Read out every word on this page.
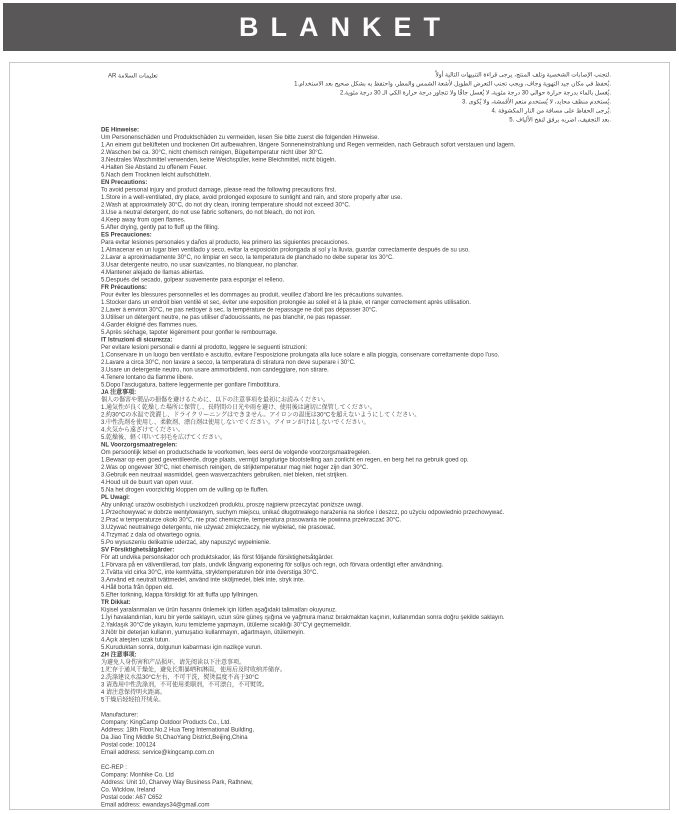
BLANKET
AR تعليمات السلامة	لتجنب الإصابات الشخصية وتلف المنتج، يرجى قراءة التنبيهات التالية أولاً.
1.يُحفظ في مكان جيد التهوية وجاف، ويجب تجنب التعرض الطويل لأشعة الشمس والمطر، واحتفظ به بشكل صحيح بعد الاستخدام.
2.يُغسل بالماء بدرجة حرارة حوالي 30 درجة مئوية، لا يُغسل جافًا ولا تتجاوز درجة حرارة الكي الـ 30 درجة مئوية.
3. يُستخدم منظف محايد، لا يُستخدم منعم الأقمشة، ولا يُكوى.
4. يُرجى الحفاظ على مسافة من النار المكشوفة.
5. بعد التجفيف، اضربه برفق لنفخ الألياف.
DE Hinweise:
Um Personenschäden und Produktschäden zu vermeiden, lesen Sie bitte zuerst die folgenden Hinweise.
1.An einem gut belüfteten und trockenen Ort aufbewahren, längere Sonneneinstrahlung und Regen vermeiden, nach Gebrauch sofort verstauen und lagern.
2.Waschen bei ca. 30°C, nicht chemisch reinigen, Bügeltemperatur nicht über 30°C.
3.Neutrales Waschmittel verwenden, keine Weichspüler, keine Bleichmittel, nicht bügeln.
4.Halten Sie Abstand zu offenem Feuer.
5.Nach dem Trocknen leicht aufschütteln.
EN Precautions:
To avoid personal injury and product damage, please read the following precautions first.
1.Store in a well-ventilated, dry place, avoid prolonged exposure to sunlight and rain, and store properly after use.
2.Wash at approximately 30°C, do not dry clean, ironing temperature should not exceed 30°C.
3.Use a neutral detergent, do not use fabric softeners, do not bleach, do not iron.
4.Keep away from open flames.
5.After drying, gently pat to fluff up the filling.
ES Precauciones:
Para evitar lesiones personales y daños al producto, lea primero las siguientes precauciones.
1.Almacenar en un lugar bien ventilado y seco, evitar la exposición prolongada al sol y la lluvia, guardar correctamente después de su uso.
2.Lavar a aproximadamente 30°C, no limpiar en seco, la temperatura de planchado no debe superar los 30°C.
3.Usar detergente neutro, no usar suavizantes, no blanquear, no planchar.
4.Mantener alejado de llamas abiertas.
5.Después del secado, golpear suavemente para esponjar el relleno.
FR Précautions:
Pour éviter les blessures personnelles et les dommages au produit, veuillez d'abord lire les précautions suivantes.
1.Stocker dans un endroit bien ventilé et sec, éviter une exposition prolongée au soleil et à la pluie, et ranger correctement après utilisation.
2.Laver à environ 30°C, ne pas nettoyer à sec, la température de repassage ne doit pas dépasser 30°C.
3.Utiliser un détergent neutre, ne pas utiliser d'adoucissants, ne pas blanchir, ne pas repasser.
4.Garder éloigné des flammes nues.
5.Après séchage, tapoter légèrement pour gonfler le rembourrage.
IT Istruzioni di sicurezza:
Per evitare lesioni personali e danni al prodotto, leggere le seguenti istruzioni:
1.Conservare in un luogo ben ventilato e asciutto, evitare l'esposizione prolungata alla luce solare e alla pioggia, conservare correttamente dopo l'uso.
2.Lavare a circa 30°C, non lavare a secco, la temperatura di stiratura non deve superare i 30°C.
3.Usare un detergente neutro, non usare ammorbidenti, non candeggiare, non stirare.
4.Tenere lontano da fiamme libere.
5.Dopo l'asciugatura, battere leggermente per gonfiare l'imbottitura.
JA 注意事項:
個人の傷害や製品の損傷を避けるために、以下の注意事項を最初にお読みください。
1.通気性が良く乾燥した場所に保管し、長時間の日光や雨を避け、使用後は適切に保管してください。
2.約30°Cの水温で洗濯し、ドライクリーニングはできません。アイロンの温度は30°Cを超えないようにしてください。
3.中性洗剤を使用し、柔軟剤、漂白剤は使用しないでください。アイロンがけはしないでください。
4.火気から遠ざけてください。
5.乾燥後、軽く叩いて羽毛を広げてください。
NL Voorzorgsmaatregelen:
Om persoonlijk letsel en productschade te voorkomen, lees eerst de volgende voorzorgsmaatregelen.
1.Bewaar op een goed geventileerde, droge plaats, vermijd langdurige blootstelling aan zonlicht en regen, en berg het na gebruik goed op.
2.Was op ongeveer 30°C, niet chemisch reinigen, de strijktemperatuur mag niet hoger zijn dan 30°C.
3.Gebruik een neutraal wasmiddel, geen wasverzachters gebruiken, niet bleken, niet strijken.
4.Houd uit de buurt van open vuur.
5.Na het drogen voorzichtig kloppen om de vulling op te fluffen.
PL Uwagi:
Aby uniknąć urazów osobistych i uszkodzeń produktu, proszę najpierw przeczytać poniższe uwagi.
1.Przechowywać w dobrze wentylowanym, suchym miejscu, unikać długotrwałego narażenia na słońce i deszcz, po użyciu odpowiednio przechowywać.
2.Prać w temperaturze około 30°C, nie prać chemicznie, temperatura prasowania nie powinna przekraczać 30°C.
3.Używać neutralnego detergentu, nie używać zmiękczaczy, nie wybielać, nie prasować.
4.Trzymać z dala od otwartego ognia.
5.Po wysuszeniu delikatnie uderzać, aby napuszyć wypełnienie.
SV Försiktighetsåtgärder:
För att undvika personskador och produktskador, läs först följande försiktighetsåtgärder.
1.Förvara på en välventilerad, torr plats, undvik långvarig exponering för solljus och regn, och förvara ordentligt efter användning.
2.Tvätta vid cirka 30°C, inte kemtvätta, stryktemperaturen bör inte överstiga 30°C.
3.Använd ett neutralt tvättmedel, använd inte sköljmedel, blek inte, stryk inte.
4.Håll borta från öppen eld.
5.Efter torkning, klappa försiktigt för att fluffa upp fyllningen.
TR Dikkat:
Kişisel yaralanmaları ve ürün hasarını önlemek için lütfen aşağıdaki talimatları okuyunuz.
1.İyi havalandırılan, kuru bir yerde saklayın, uzun süre güneş ışığına ve yağmura maruz bırakmaktan kaçının, kullanımdan sonra doğru şekilde saklayın.
2.Yaklaşık 30°C'de yıkayın, kuru temizleme yapmayın, ütüleme sıcaklığı 30°C'yi geçmemelidir.
3.Nötr bir deterjan kullanın, yumuşatıcı kullanmayın, ağartmayın, ütülemeyin.
4.Açık ateşten uzak tutun.
5.Kuruduktan sonra, dolgunun kabarması için nazikçe vurun.
ZH 注意事项:
为避免人身伤害和产品损坏，请先阅读以下注意事项。
1.贮存于通风干燥处，避免长期暴晒和淋雨，使用后及时收纳并储存。
2.洗涤建议水温30°C左右，不可干洗，熨烫温度不高于30°C
3 请选用中性洗涤剂，不可使用柔顺剂，不可漂白，不可熨烫。
4 请注意保持明火距离。
5干燥后轻轻拍开绒朵。
Manufacturer:
Company: KingCamp Outdoor Products Co., Ltd.
Address: 18th Floor,No.2 Hua Teng International Building,
Da Jiao Ting Middle St,ChaoYang District,Beijing,China
Postal code: 100124
Email address: service@kingcamp.com.cn
EC-REP :
Company: Monhike Co. Ltd
Address: Unit 10, Charvey Way Business Park, Rathnew,
Co. Wicklow, Ireland
Postal code: A67 C652
Email address: ewandays34@gmail.com
